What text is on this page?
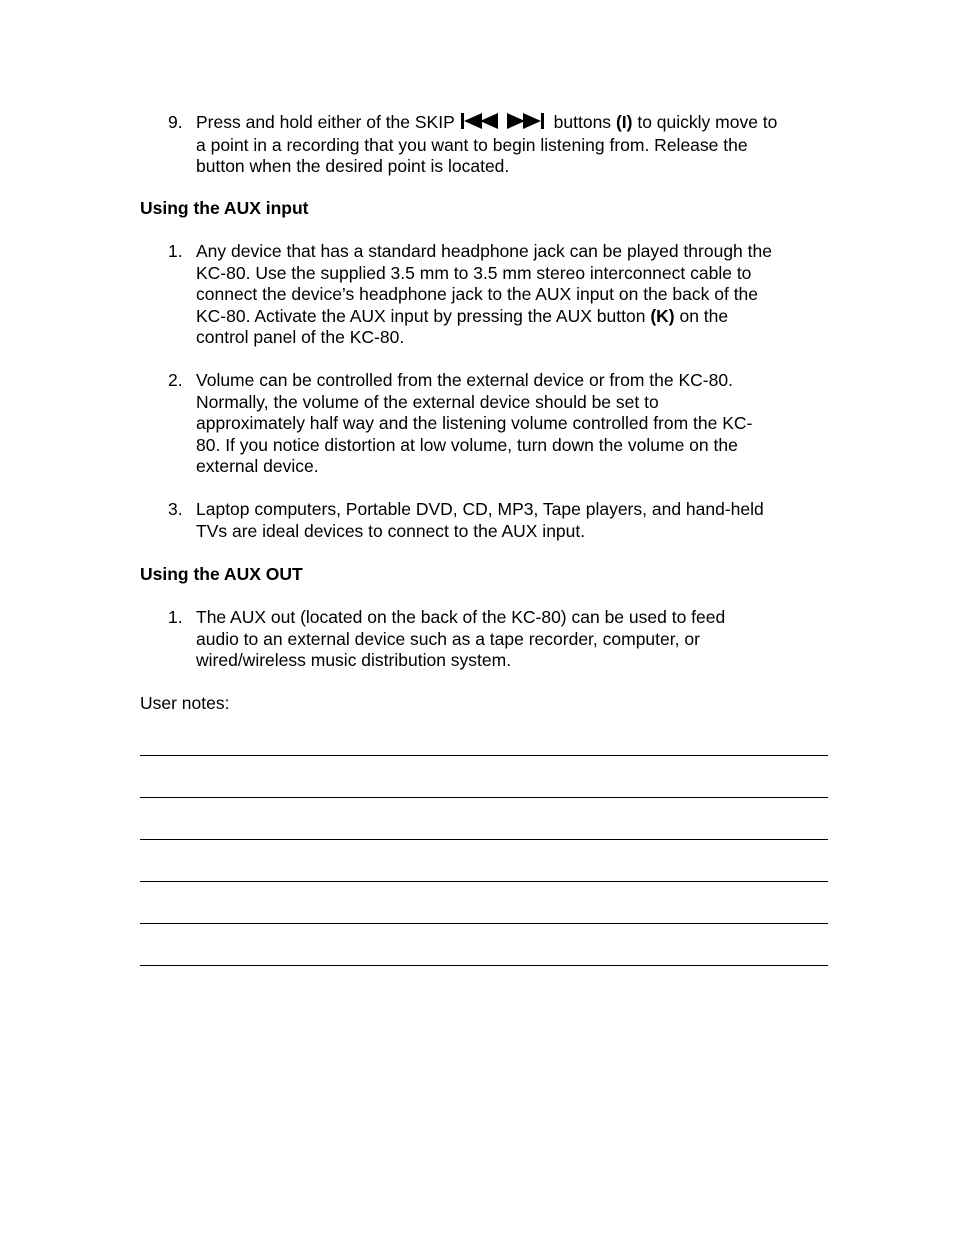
9. Press and hold either of the SKIP	buttons (I) to quickly move to
a point in a recording that you want to begin listening from. Release the
button when the desired point is located.
Using the AUX input
1. Any device that has a standard headphone jack can be played through the
KC-80. Use the supplied 3.5 mm to 3.5 mm stereo interconnect cable to
connect the device’s headphone jack to the AUX input on the back of the
KC-80. Activate the AUX input by pressing the AUX button (K) on the
control panel of the KC-80.
2. Volume can be controlled from the external device or from the KC-80.
Normally, the volume of the external device should be set to
approximately half way and the listening volume controlled from the KC-
80. If you notice distortion at low volume, turn down the volume on the
external device.
3. Laptop computers, Portable DVD, CD, MP3, Tape players, and hand-held
TVs are ideal devices to connect to the AUX input.
Using the AUX OUT
1. The AUX out (located on the back of the KC-80) can be used to feed
audio to an external device such as a tape recorder, computer, or
wired/wireless music distribution system.
User notes:
